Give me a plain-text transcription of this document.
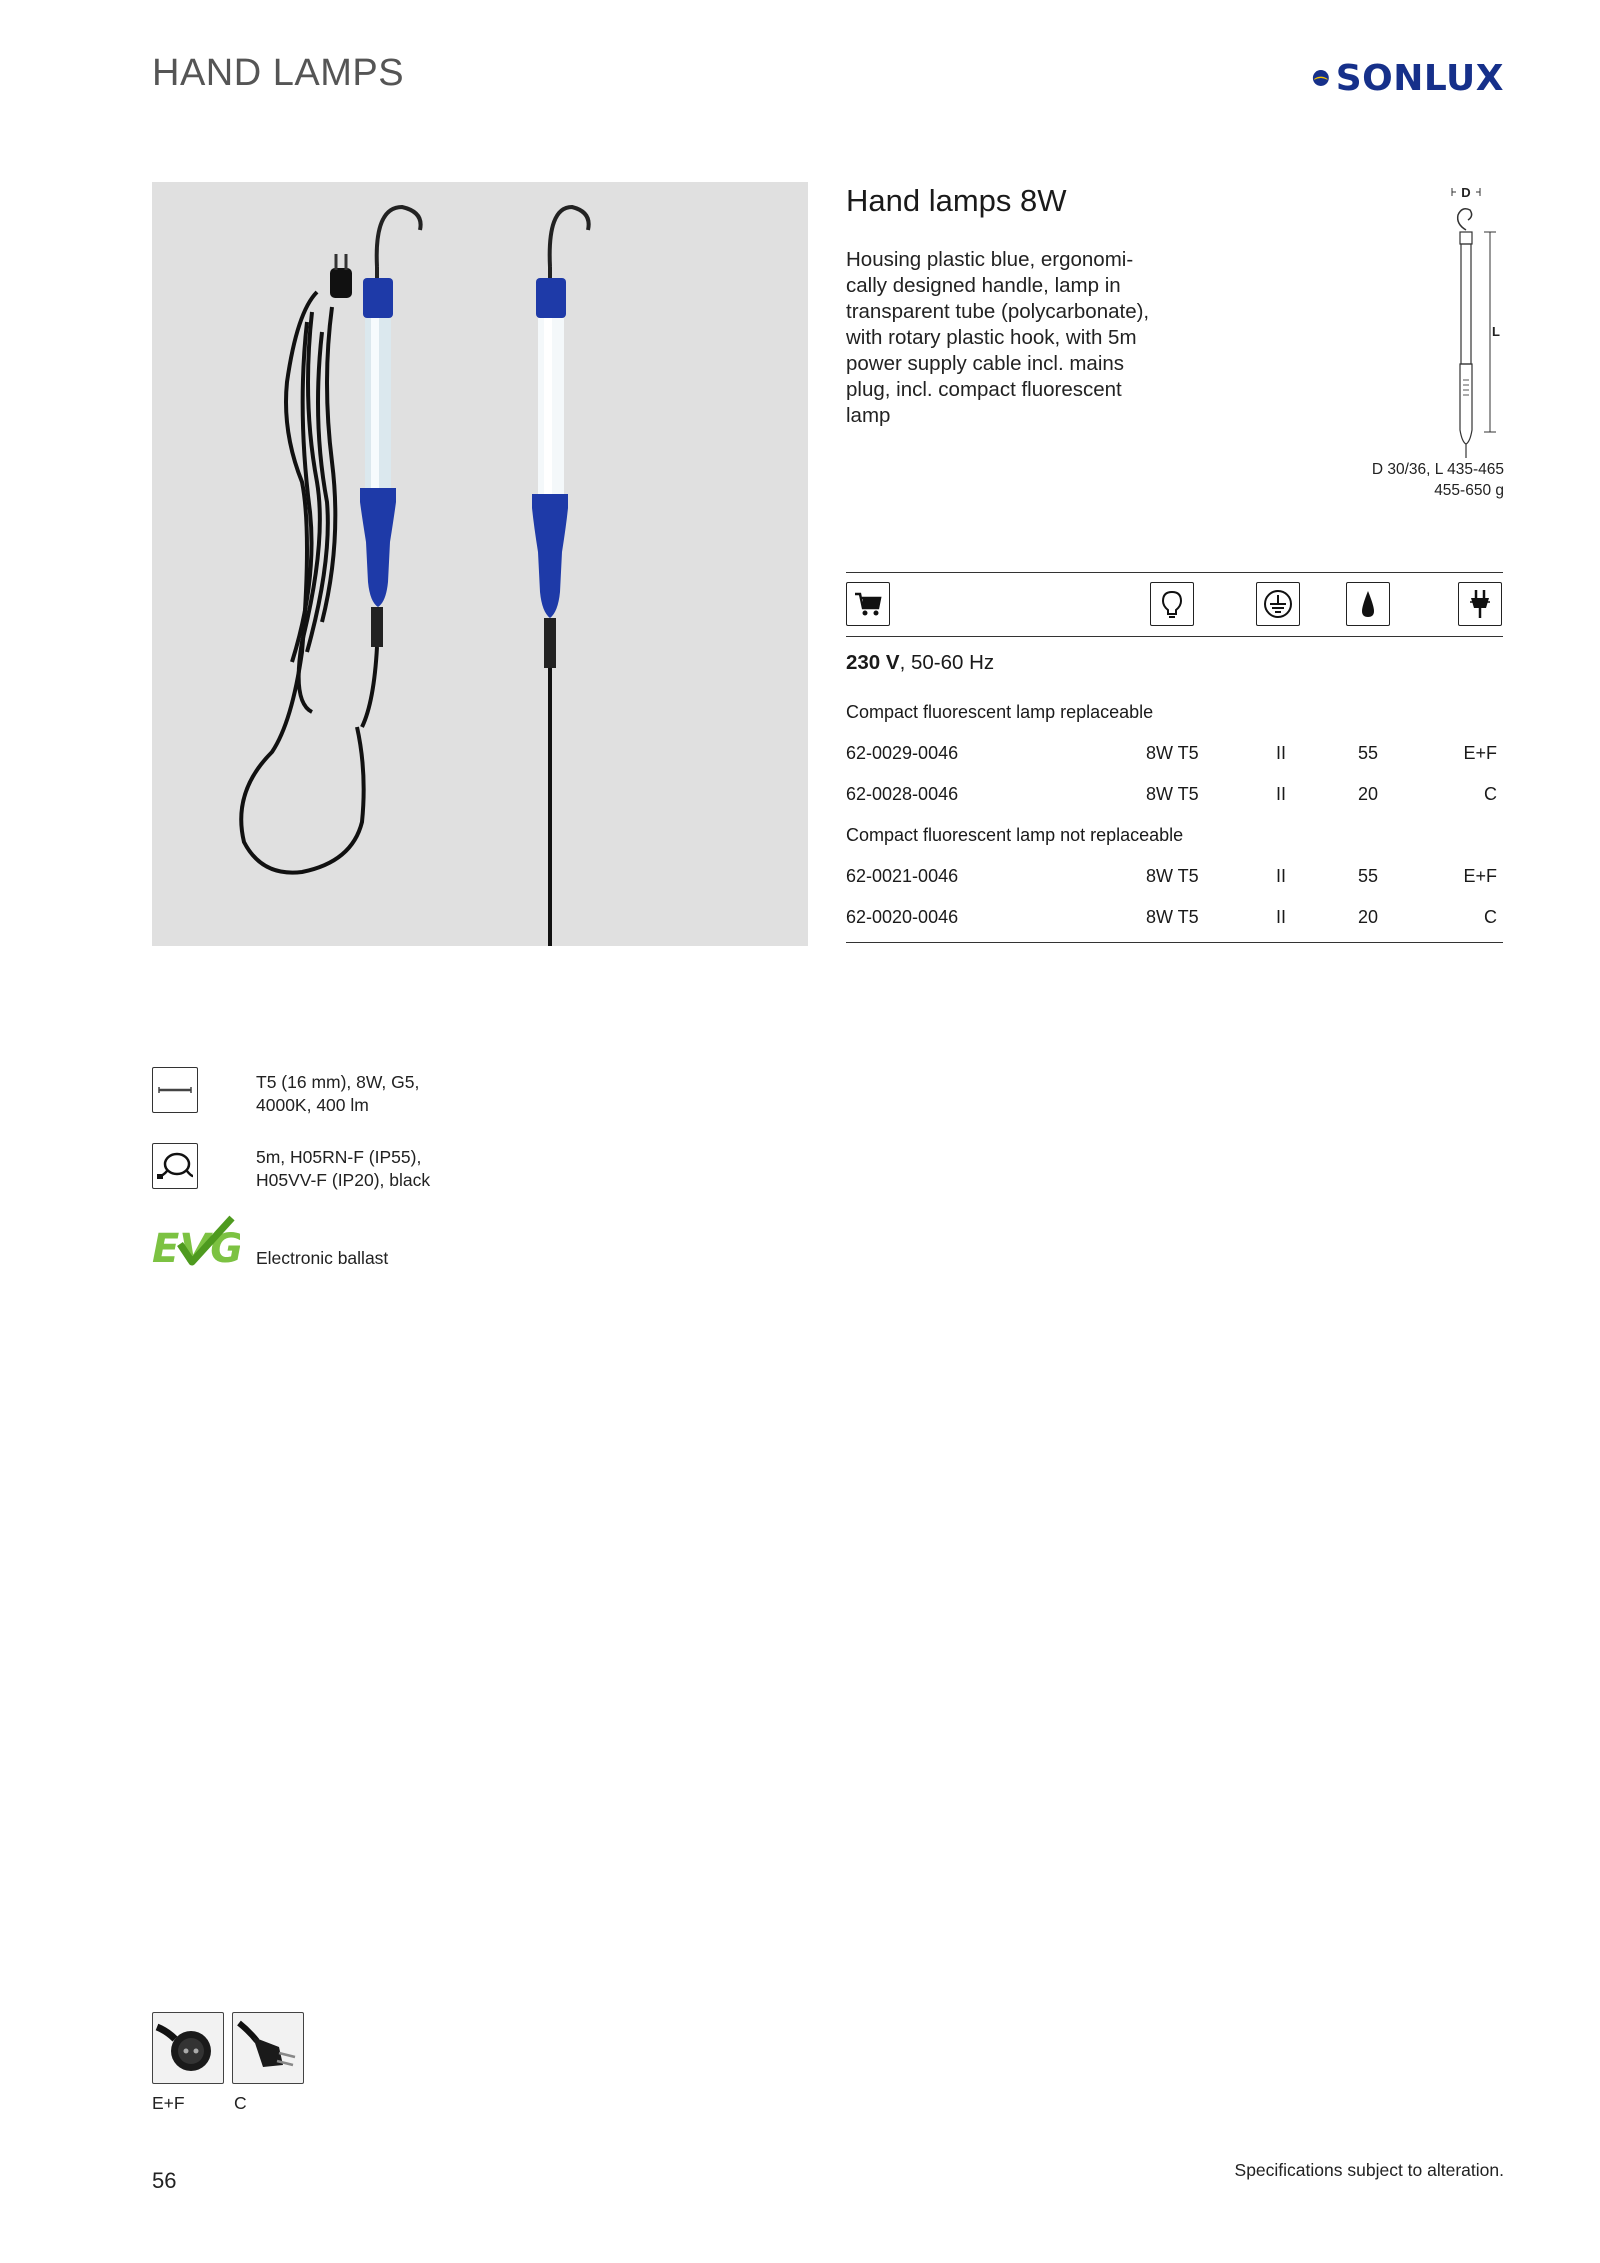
HAND LAMPS	SONLUX
Hand lamps 8W
Housing plastic blue, ergonomi-
cally designed handle, lamp in
transparent tube (polycarbonate),
with rotary plastic hook, with 5m
power supply cable incl. mains
plug, incl. compact fluorescent
lamp
D
L
D 30/36, L 435-465
455-650 g
230 V, 50-60 Hz
Compact fluorescent lamp replaceable
62-0029-0046	8W T5	II	55	E+F
62-0028-0046	8W T5	II	20	C
Compact fluorescent lamp not replaceable
62-0021-0046	8W T5	II	55	E+F
62-0020-0046	8W T5	II	20	C
T5 (16 mm), 8W, G5,
4000K, 400 lm
5m, H05RN-F (IP55),
H05VV-F (IP20), black
EVG Electronic ballast
E+F	C
56	Specifications subject to alteration.
